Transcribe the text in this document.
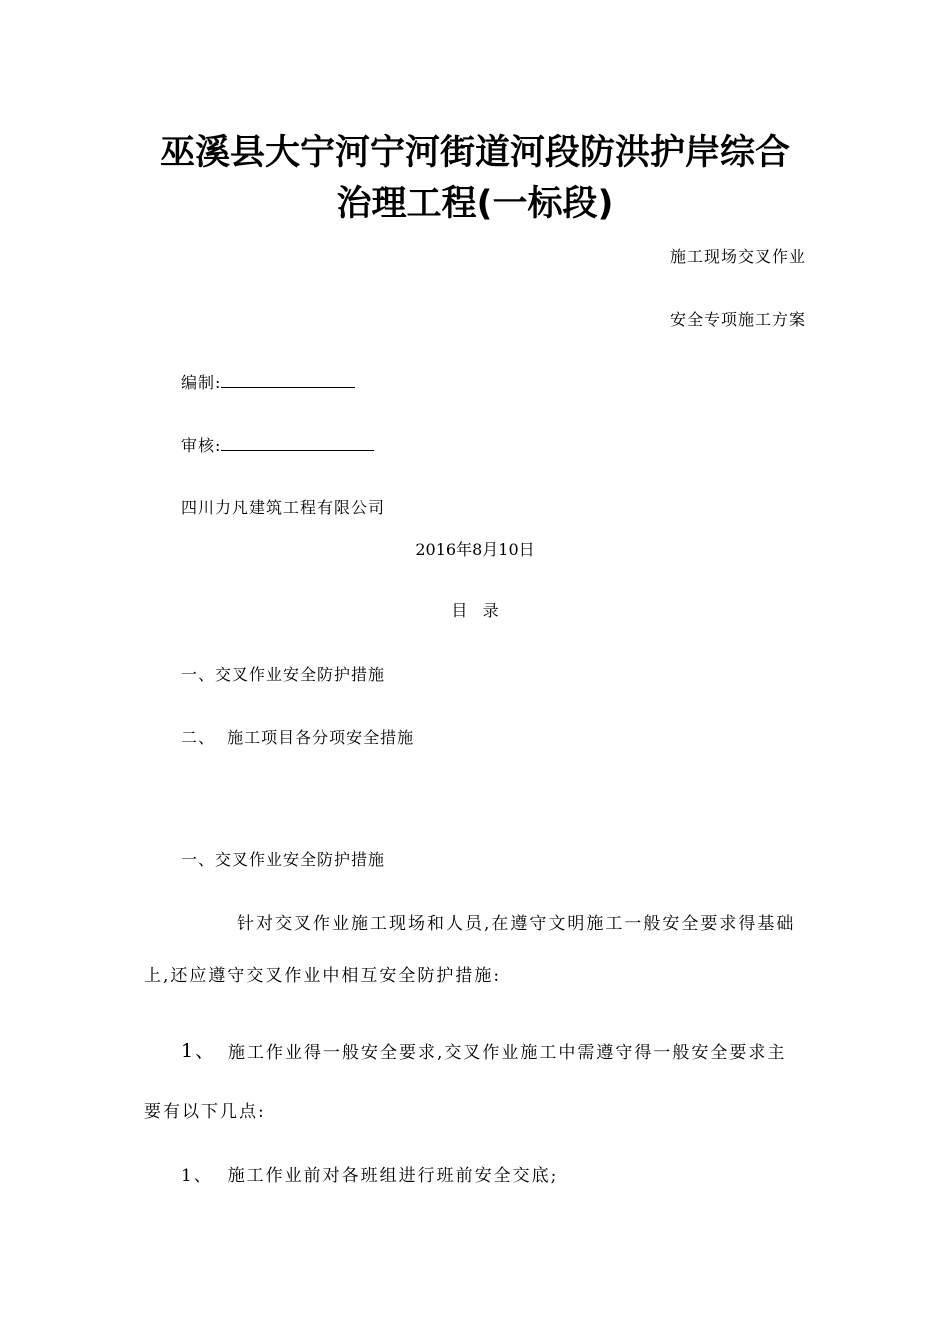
巫溪县大宁河宁河街道河段防洪护岸综合
治理工程(一标段)
施工现场交叉作业
安全专项施工方案
编制:
审核:
四川力凡建筑工程有限公司
2016年8月10日
目   录
一、交叉作业安全防护措施
二、  施工项目各分项安全措施
一、交叉作业安全防护措施
针对交叉作业施工现场和人员,在遵守文明施工一般安全要求得基础
上,还应遵守交叉作业中相互安全防护措施:
1、 施工作业得一般安全要求,交叉作业施工中需遵守得一般安全要求主
要有以下几点:
1、  施工作业前对各班组进行班前安全交底;
